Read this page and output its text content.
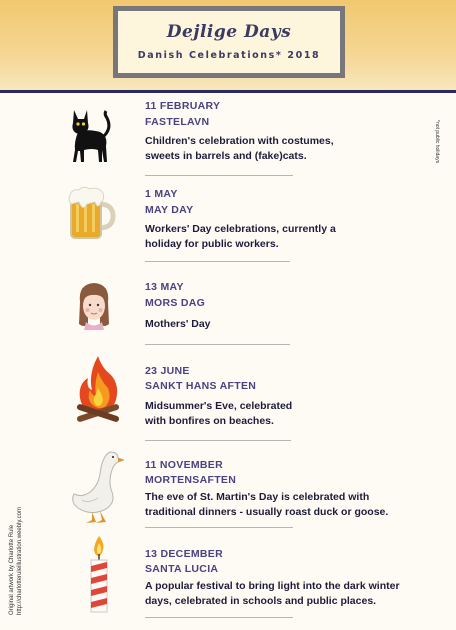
Dejlige Days
Danish Celebrations* 2018
*not public holidays
Original artwork by Charlotte Rule http://charlotteruleillustration.weebly.com
11 FEBRUARY
FASTELAVN
Children's celebration with costumes,
sweets in barrels and (fake)cats.
1 MAY
MAY DAY
Workers' Day celebrations, currently a
holiday for public workers.
13 MAY
MORS DAG
Mothers' Day
23 JUNE
SANKT HANS AFTEN
Midsummer's Eve, celebrated
with bonfires on beaches.
11 NOVEMBER
MORTENSAFTEN
The eve of St. Martin's Day is celebrated with
traditional dinners - usually roast duck or goose.
13 DECEMBER
SANTA LUCIA
A popular festival to bring light into the dark winter
days, celebrated in schools and public places.
